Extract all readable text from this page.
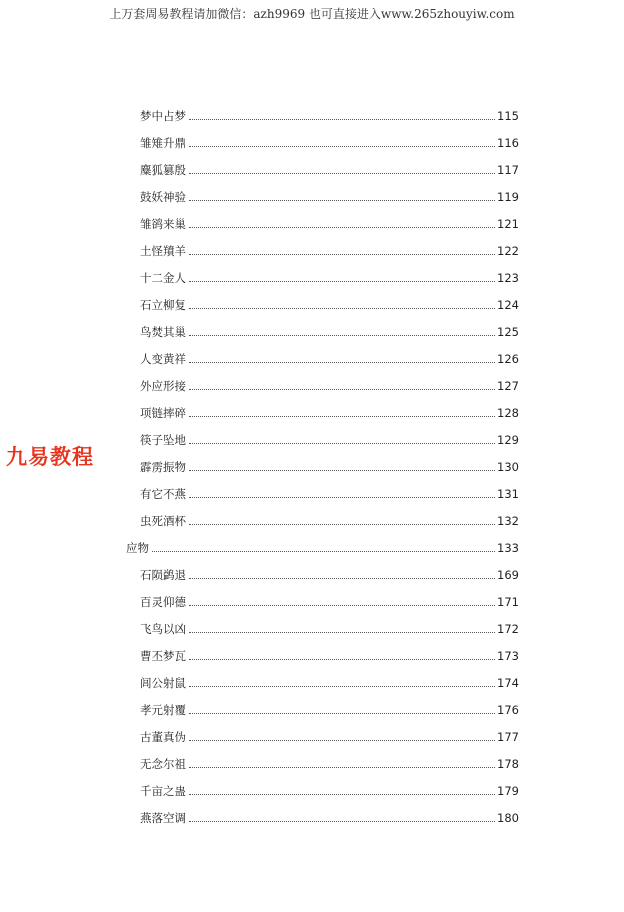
上万套周易教程请加微信：azh9969 也可直接进入www.265zhouyiw.com
九易教程
梦中占梦	115
雏雉升鼎	116
麋狐篡殷	117
鼓妖神验	119
雏鹆来巢	121
土怪羵羊	122
十二金人	123
石立柳复	124
鸟焚其巢	125
人变黄祥	126
外应形接	127
项链摔碎	128
筷子坠地	129
霹雳振物	130
有它不燕	131
虫死酒杯	132
应物	133
石陨鹢退	169
百灵仰德	171
飞鸟以凶	172
曹丕梦瓦	173
闾公射鼠	174
孝元射覆	176
古董真伪	177
无念尔祖	178
千亩之蛊	179
燕落空调	180
